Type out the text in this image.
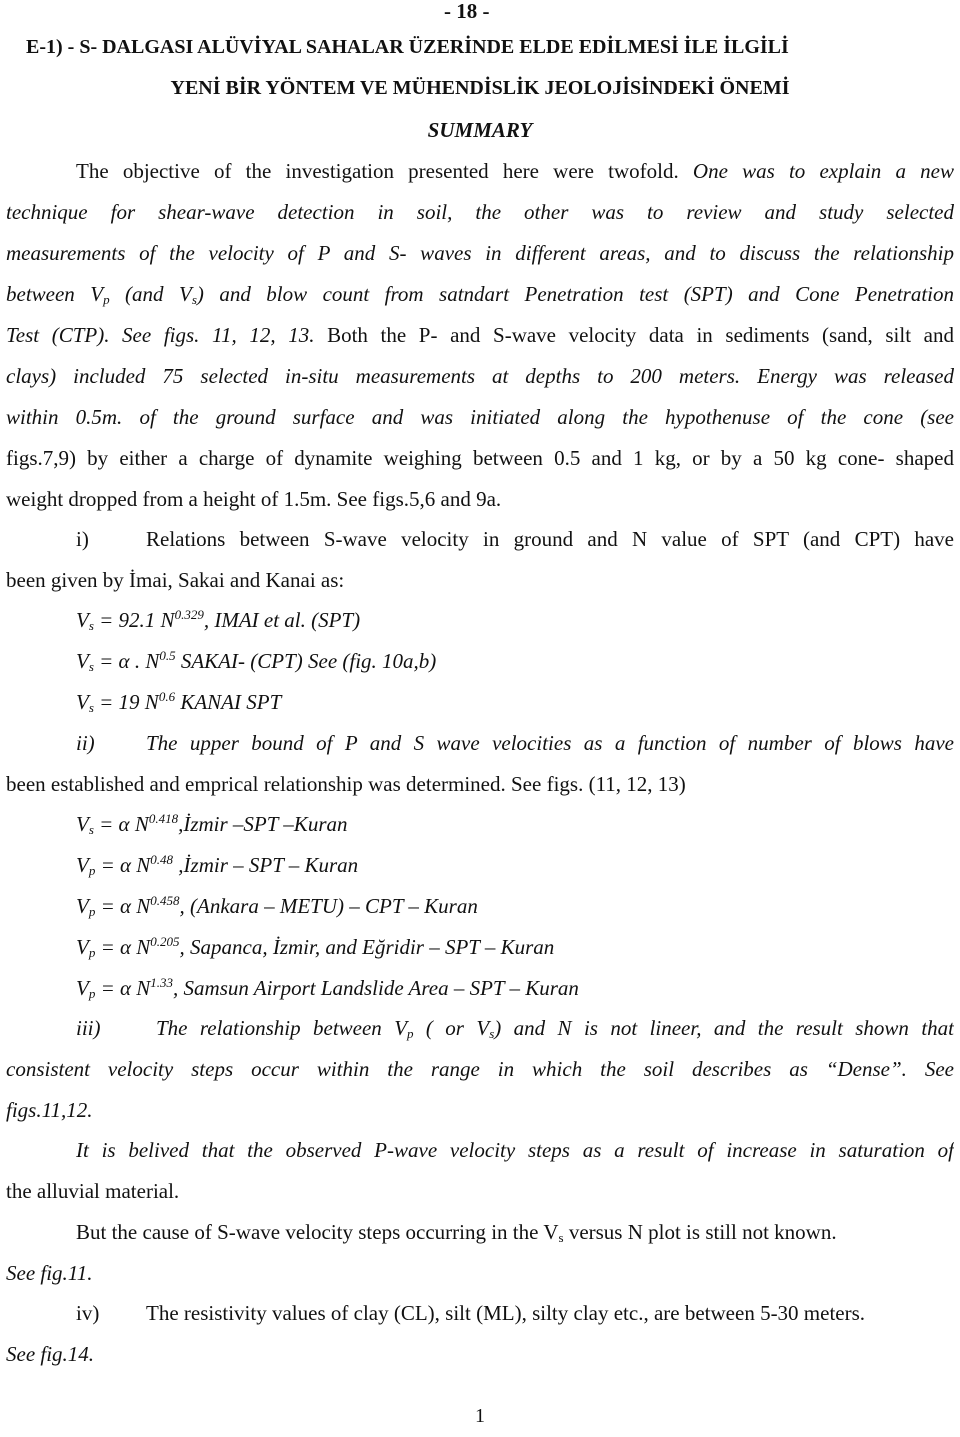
- 18 -
E-1) - S- DALGASI ALÜVİYAL SAHALAR ÜZERİNDE ELDE EDİLMESİ İLE İLGİLİ
YENİ BİR YÖNTEM VE MÜHENDİSLİK JEOLOJİSİNDEKİ ÖNEMİ
SUMMARY
The objective of the investigation presented here were twofold. One was to explain a new
technique for shear-wave detection in soil, the other was to review and study selected
measurements of the velocity of P and S- waves in different areas, and to discuss the relationship
between $V_p$ (and $V_s$) and blow count from satndart Penetration test (SPT) and Cone Penetration
Test (CTP). See figs. 11, 12, 13. Both the P- and S-wave velocity data in sediments (sand, silt and
clays) included 75 selected in-situ measurements at depths to 200 meters. Energy was released
within 0.5m. of the ground surface and was initiated along the hypothenuse of the cone (see
figs.7,9) by either a charge of dynamite weighing between 0.5 and 1 kg, or by a 50 kg cone- shaped
weight dropped from a height of 1.5m. See figs.5,6 and 9a.
i)	Relations between S-wave velocity in ground and N value of SPT (and CPT) have
been given by İmai, Sakai and Kanai as:
$V_s = 92.1$ $N^{0.329}$, IMAI et al. (SPT)
$V_s = \alpha$ . $N^{0.5}$ SAKAI- (CPT) See (fig. 10a,b)
$V_s = 19$ $N^{0.6}$ KANAI SPT
ii) The upper bound of P and S wave velocities as a function of number of blows have
been established and emprical relationship was determined. See figs. (11, 12, 13)
$V_s = \alpha$ $N^{0.418},İzmir$ –SPT –Kuran
$V_p = \alpha$ $N^{0.48}$ ,İzmir – SPT – Kuran
$V_p = \alpha$ $N^{0.458}$, (Ankara – METU) – CPT – Kuran
$V_p = \alpha$ $N^{0.205}$, Sapanca, İzmir, and Eğridir – SPT – Kuran
$V_p = \alpha$ $N^{1.33}$, Samsun Airport Landslide Area – SPT – Kuran
iii)	The relationship between $V_p$ ( or $V_s$) and N is not lineer, and the result shown that
consistent velocity steps occur within the range in which the soil describes as “Dense”. See
figs.11,12.
It is belived that the observed P-wave velocity steps as a result of increase in saturation of
the alluvial material.
But the cause of S-wave velocity steps occurring in the $V_s$ versus N plot is still not known.
See fig.11.
iv) The resistivity values of clay (CL), silt (ML), silty clay etc., are between 5-30 meters.
See fig.14.
1
